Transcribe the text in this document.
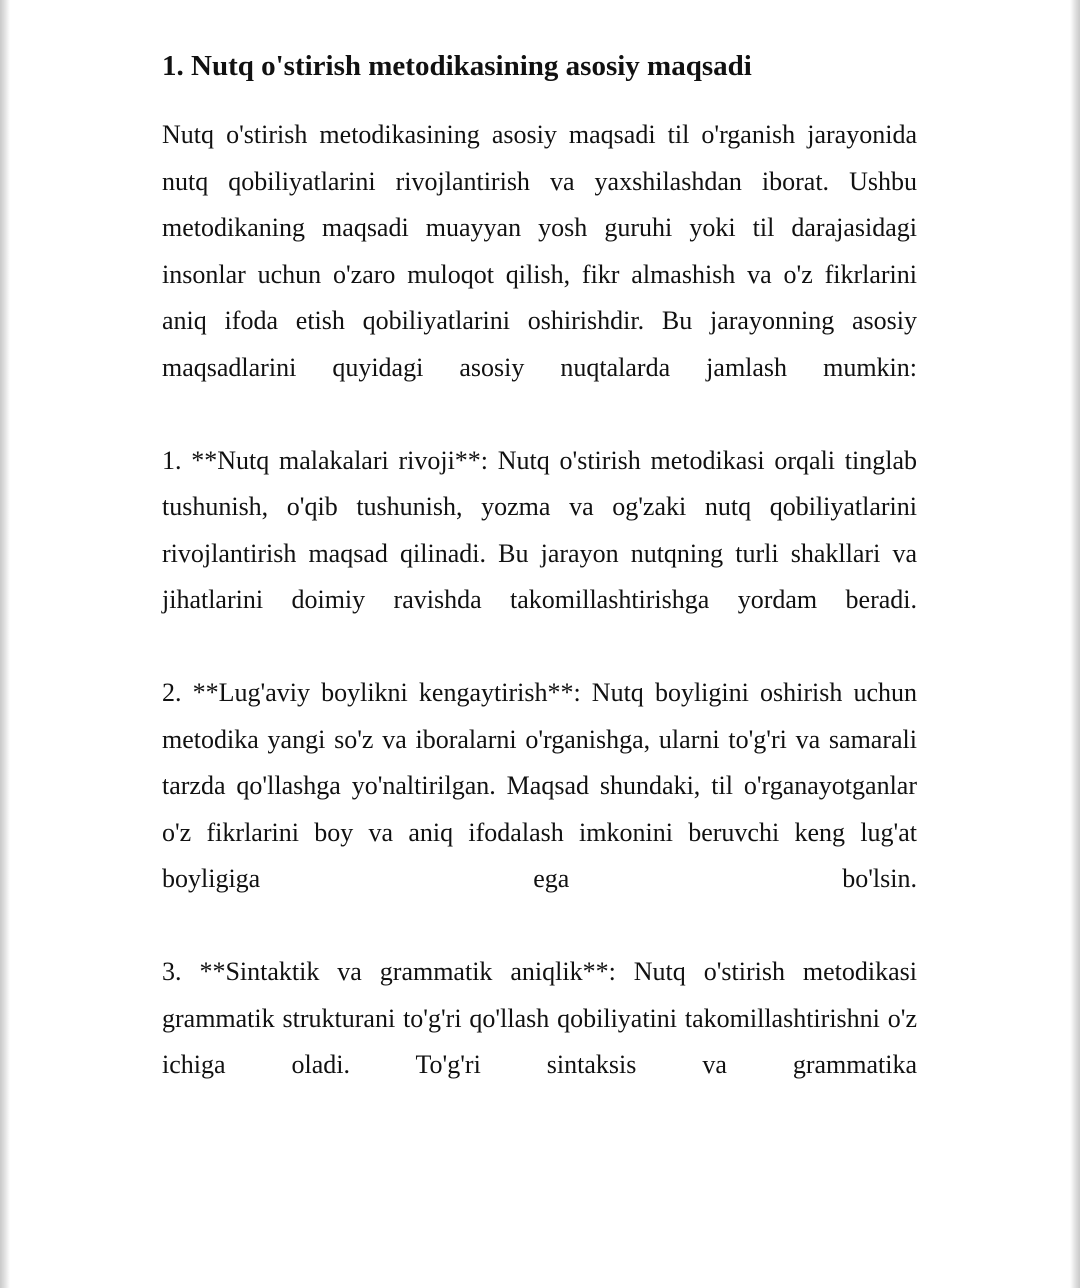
1. Nutq o'stirish metodikasining asosiy maqsadi

Nutq o'stirish metodikasining asosiy maqsadi til o'rganish jarayonida nutq qobiliyatlarini rivojlantirish va yaxshilashdan iborat. Ushbu metodikaning maqsadi muayyan yosh guruhi yoki til darajasidagi insonlar uchun o'zaro muloqot qilish, fikr almashish va o'z fikrlarini aniq ifoda etish qobiliyatlarini oshirishdir. Bu jarayonning asosiy maqsadlarini quyidagi asosiy nuqtalarda jamlash mumkin:

1. **Nutq malakalari rivoji**: Nutq o'stirish metodikasi orqali tinglab tushunish, o'qib tushunish, yozma va og'zaki nutq qobiliyatlarini rivojlantirish maqsad qilinadi. Bu jarayon nutqning turli shakllari va jihatlarini doimiy ravishda takomillashtirishga yordam beradi.

2. **Lug'aviy boylikni kengaytirish**: Nutq boyligini oshirish uchun metodika yangi so'z va iboralarni o'rganishga, ularni to'g'ri va samarali tarzda qo'llashga yo'naltirilgan. Maqsad shundaki, til o'rganayotganlar o'z fikrlarini boy va aniq ifodalash imkonini beruvchi keng lug'at boyligiga ega bo'lsin.

3. **Sintaktik va grammatik aniqlik**: Nutq o'stirish metodikasi grammatik strukturani to'g'ri qo'llash qobiliyatini takomillashtirishni o'z ichiga oladi. To'g'ri sintaksis va grammatika
